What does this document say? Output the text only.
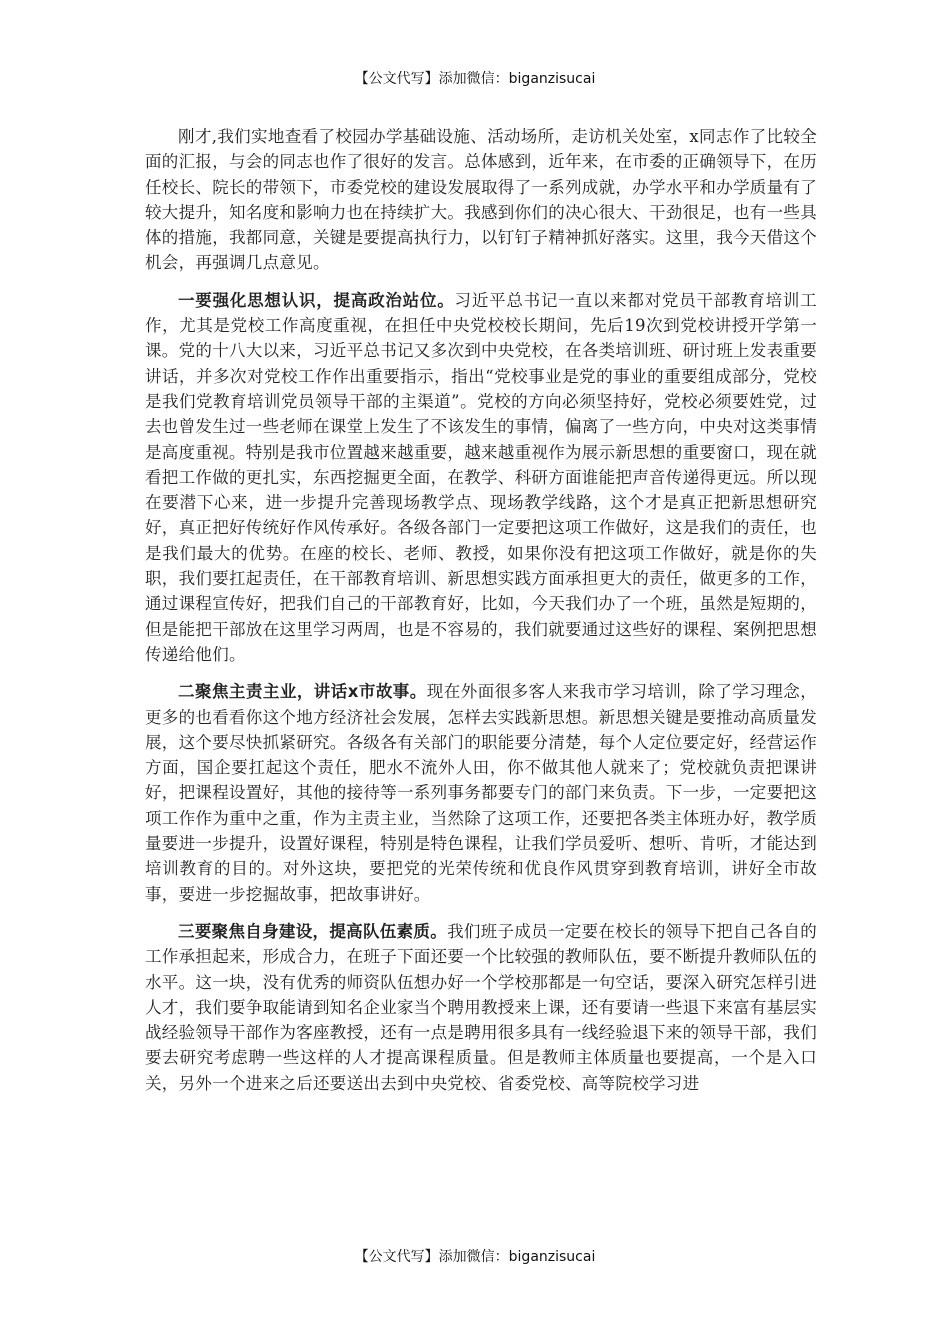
【公文代写】添加微信：biganzisucai

刚才,我们实地查看了校园办学基础设施、活动场所，走访机关处室，x同志作了比较全面的汇报，与会的同志也作了很好的发言。总体感到，近年来，在市委的正确领导下，在历任校长、院长的带领下，市委党校的建设发展取得了一系列成就，办学水平和办学质量有了较大提升，知名度和影响力也在持续扩大。我感到你们的决心很大、干劲很足，也有一些具体的措施，我都同意，关键是要提高执行力，以钉钉子精神抓好落实。这里，我今天借这个机会，再强调几点意见。

一要强化思想认识，提高政治站位。习近平总书记一直以来都对党员干部教育培训工作，尤其是党校工作高度重视，在担任中央党校校长期间，先后19次到党校讲授开学第一课。党的十八大以来，习近平总书记又多次到中央党校，在各类培训班、研讨班上发表重要讲话，并多次对党校工作作出重要指示，指出“党校事业是党的事业的重要组成部分，党校是我们党教育培训党员领导干部的主渠道”。党校的方向必须坚持好，党校必须要姓党，过去也曾发生过一些老师在课堂上发生了不该发生的事情，偏离了一些方向，中央对这类事情是高度重视。特别是我市位置越来越重要，越来越重视作为展示新思想的重要窗口，现在就看把工作做的更扎实，东西挖掘更全面，在教学、科研方面谁能把声音传递得更远。所以现在要潜下心来，进一步提升完善现场教学点、现场教学线路，这个才是真正把新思想研究好，真正把好传统好作风传承好。各级各部门一定要把这项工作做好，这是我们的责任，也是我们最大的优势。在座的校长、老师、教授，如果你没有把这项工作做好，就是你的失职，我们要扛起责任，在干部教育培训、新思想实践方面承担更大的责任，做更多的工作，通过课程宣传好，把我们自己的干部教育好，比如，今天我们办了一个班，虽然是短期的，但是能把干部放在这里学习两周，也是不容易的，我们就要通过这些好的课程、案例把思想传递给他们。

二聚焦主责主业，讲话x市故事。现在外面很多客人来我市学习培训，除了学习理念，更多的也看看你这个地方经济社会发展，怎样去实践新思想。新思想关键是要推动高质量发展，这个要尽快抓紧研究。各级各有关部门的职能要分清楚，每个人定位要定好，经营运作方面，国企要扛起这个责任，肥水不流外人田，你不做其他人就来了；党校就负责把课讲好，把课程设置好，其他的接待等一系列事务都要专门的部门来负责。下一步，一定要把这项工作作为重中之重，作为主责主业，当然除了这项工作，还要把各类主体班办好，教学质量要进一步提升，设置好课程，特别是特色课程，让我们学员爱听、想听、肯听，才能达到培训教育的目的。对外这块，要把党的光荣传统和优良作风贯穿到教育培训，讲好全市故事，要进一步挖掘故事，把故事讲好。

三要聚焦自身建设，提高队伍素质。我们班子成员一定要在校长的领导下把自己各自的工作承担起来，形成合力，在班子下面还要一个比较强的教师队伍，要不断提升教师队伍的水平。这一块，没有优秀的师资队伍想办好一个学校那都是一句空话，要深入研究怎样引进人才，我们要争取能请到知名企业家当个聘用教授来上课，还有要请一些退下来富有基层实战经验领导干部作为客座教授，还有一点是聘用很多具有一线经验退下来的领导干部，我们要去研究考虑聘一些这样的人才提高课程质量。但是教师主体质量也要提高，一个是入口关，另外一个进来之后还要送出去到中央党校、省委党校、高等院校学习进

【公文代写】添加微信：biganzisucai
